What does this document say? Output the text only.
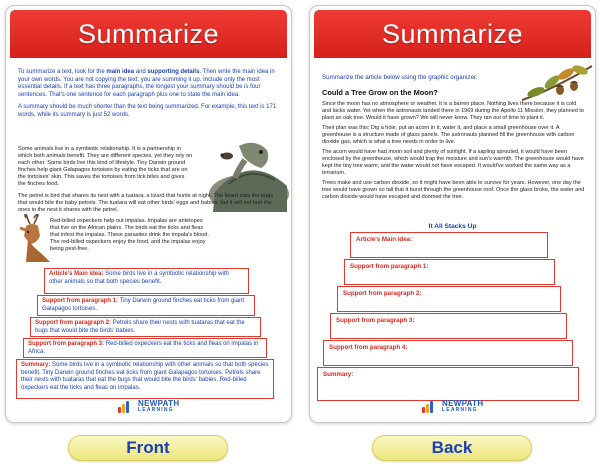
Summarize

To summarize a text, look for the main idea and supporting details. Then write the main idea in your own words. You are not copying the text; you are summing it up. Include only the most essential details. If a text has three paragraphs, the longest your summary should be is four sentences. That's one sentence for each paragraph plus one to state the main idea.

A summary should be much shorter than the text being summarized. For example, this text is 171 words, while its summary is just 52 words.

Some animals live in a symbiotic relationship. It is a partnership in which both animals benefit. They are different species, yet they rely on each other. Some birds live this kind of lifestyle. Tiny Darwin ground finches help giant Galapagos tortoises by eating the ticks that are on the tortoises' skin. This saves the tortoises from tick bites and gives the finches food.

The petrel is bird that shares its nest with a tuatara, a lizard that hunts at night. The lizard eats the bugs that would bite the baby petrels. The tuatara will eat other birds' eggs and babies, but it will not hurt the ones in the nest it shares with the petrel.

Red-billed oxpeckers help out impalas. Impalas are antelopes that live on the African plains. The birds eat the ticks and fleas that infest the impalas. These parasites drink the impala's blood. The red-billed oxpeckers enjoy the food, and the impalas enjoy being pest-free.

Article's Main idea: Some birds live in a symbiotic relationship with other animals so that both species benefit.
Support from paragraph 1: Tiny Darwin ground finches eat ticks from giant Galapagos tortoises.
Support from paragraph 2: Petrels share their nests with tuataras that eat the bugs that would bite the birds' babies.
Support from paragraph 3: Red-billed oxpeckers eat the ticks and fleas on impalas in Africa.
Summary: Some birds live in a symbiotic relationship with other animals so that both species benefit. Tiny Darwin ground finches eat ticks from giant Galapagos tortoises. Petrels share their nests with tuataras that eat the bugs that would bite the birds' babies. Red-billed oxpeckers eat the ticks and fleas on impalas.

NEWPATH
LEARNING
Summarize
Summarize the article below using the graphic organizer.
Could a Tree Grow on the Moon?

Since the moon has no atmosphere or weather, it is a barren place. Nothing lives there because it is cold and lacks water. Yet when the astronauts landed there in 1969 during the Apollo 11 Mission, they planned to plant an oak tree. Would it have grown? We will never know. They ran out of time to plant it.

Their plan was this: Dig a hole, put an acorn in it, water it, and place a small greenhouse over it. A greenhouse is a structure made of glass panels. The astronauts planned fill the greenhouse with carbon dioxide gas, which is what a tree needs in order to live.

The acorn would have had moon soil and plenty of sunlight. If a sapling sprouted, it would have been enclosed by the greenhouse, which would trap the moisture and sun's warmth. The greenhouse would have kept the tiny tree warm, and the water would not have escaped. It would've worked the same way as a terrarium.

Trees make and use carbon dioxide, so it might have been able to survive for years. However, one day the tree would have grown so tall that it burst through the greenhouse roof. Once the glass broke, the water and carbon dioxide would have escaped and doomed the tree.

It All Stacks Up
Article's Main idea:
Support from paragraph 1:
Support from paragraph 2:
Support from paragraph 3:
Support from paragraph 4:
Summary:

NEWPATH
LEARNING
Front	Back
